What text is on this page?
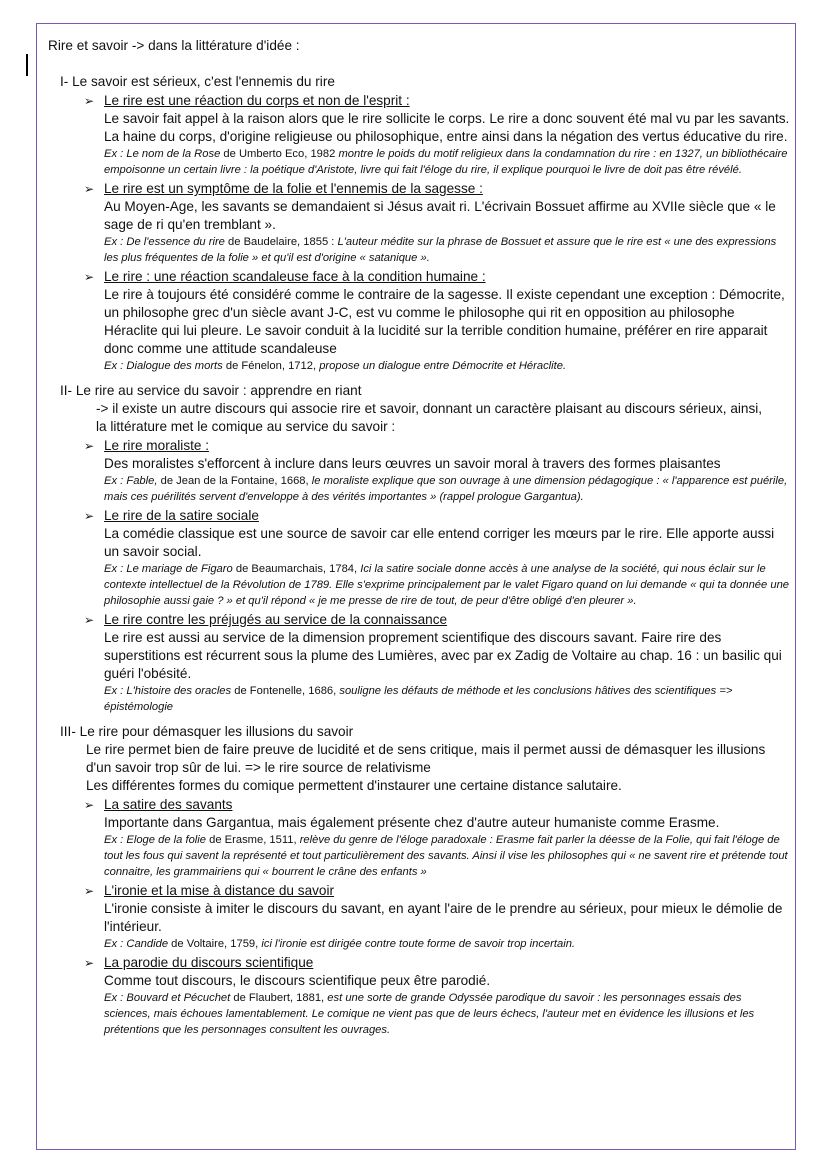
Rire et savoir -> dans la littérature d'idée :
I- Le savoir est sérieux, c'est l'ennemis du rire
➢ Le rire est une réaction du corps et non de l'esprit :
Le savoir fait appel à la raison alors que le rire sollicite le corps. Le rire a donc souvent été mal vu par les savants. La haine du corps, d'origine religieuse ou philosophique, entre ainsi dans la négation des vertus éducative du rire.
Ex : Le nom de la Rose de Umberto Eco, 1982 montre le poids du motif religieux dans la condamnation du rire : en 1327, un bibliothécaire empoisonne un certain livre : la poétique d'Aristote, livre qui fait l'éloge du rire, il explique pourquoi le livre de doit pas être révélé.
➢ Le rire est un symptôme de la folie et l'ennemis de la sagesse :
Au Moyen-Age, les savants se demandaient si Jésus avait ri. L'écrivain Bossuet affirme au XVIIe siècle que « le sage de ri qu'en tremblant ».
Ex : De l'essence du rire de Baudelaire, 1855 : L'auteur médite sur la phrase de Bossuet et assure que le rire est « une des expressions les plus fréquentes de la folie » et qu'il est d'origine « satanique ».
➢ Le rire : une réaction scandaleuse face à la condition humaine :
Le rire à toujours été considéré comme le contraire de la sagesse. Il existe cependant une exception : Démocrite, un philosophe grec d'un siècle avant J-C, est vu comme le philosophe qui rit en opposition au philosophe Héraclite qui lui pleure. Le savoir conduit à la lucidité sur la terrible condition humaine, préférer en rire apparait donc comme une attitude scandaleuse
Ex : Dialogue des morts de Fénelon, 1712, propose un dialogue entre Démocrite et Héraclite.
II- Le rire au service du savoir : apprendre en riant
-> il existe un autre discours qui associe rire et savoir, donnant un caractère plaisant au discours sérieux, ainsi,
la littérature met le comique au service du savoir :
➢ Le rire moraliste :
Des moralistes s'efforcent à inclure dans leurs œuvres un savoir moral à travers des formes plaisantes
Ex : Fable, de Jean de la Fontaine, 1668, le moraliste explique que son ouvrage à une dimension pédagogique : « l'apparence est puérile, mais ces puérilités servent d'enveloppe à des vérités importantes » (rappel prologue Gargantua).
➢ Le rire de la satire sociale
La comédie classique est une source de savoir car elle entend corriger les mœurs par le rire. Elle apporte aussi un savoir social.
Ex : Le mariage de Figaro de Beaumarchais, 1784, Ici la satire sociale donne accès à une analyse de la société, qui nous éclair sur le contexte intellectuel de la Révolution de 1789. Elle s'exprime principalement par le valet Figaro quand on lui demande « qui ta donnée une philosophie aussi gaie ? » et qu'il répond « je me presse de rire de tout, de peur d'être obligé d'en pleurer ».
➢ Le rire contre les préjugés au service de la connaissance
Le rire est aussi au service de la dimension proprement scientifique des discours savant. Faire rire des superstitions est récurrent sous la plume des Lumières, avec par ex Zadig de Voltaire au chap. 16 : un basilic qui guéri l'obésité.
Ex : L'histoire des oracles de Fontenelle, 1686, souligne les défauts de méthode et les conclusions hâtives des scientifiques => épistémologie
III- Le rire pour démasquer les illusions du savoir
Le rire permet bien de faire preuve de lucidité et de sens critique, mais il permet aussi de démasquer les illusions d'un savoir trop sûr de lui. => le rire source de relativisme
Les différentes formes du comique permettent d'instaurer une certaine distance salutaire.
➢ La satire des savants
Importante dans Gargantua, mais également présente chez d'autre auteur humaniste comme Erasme.
Ex : Eloge de la folie de Erasme, 1511, relève du genre de l'éloge paradoxale : Erasme fait parler la déesse de la Folie, qui fait l'éloge de tout les fous qui savent la représenté et tout particulièrement des savants. Ainsi il vise les philosophes qui « ne savent rire et prétende tout connaitre, les grammairiens qui « bourrent le crâne des enfants »
➢ L'ironie et la mise à distance du savoir
L'ironie consiste à imiter le discours du savant, en ayant l'aire de le prendre au sérieux, pour mieux le démolie de l'intérieur.
Ex : Candide de Voltaire, 1759, ici l'ironie est dirigée contre toute forme de savoir trop incertain.
➢ La parodie du discours scientifique
Comme tout discours, le discours scientifique peux être parodié.
Ex : Bouvard et Pécuchet de Flaubert, 1881, est une sorte de grande Odyssée parodique du savoir : les personnages essais des sciences, mais échoues lamentablement. Le comique ne vient pas que de leurs échecs, l'auteur met en évidence les illusions et les prétentions que les personnages consultent les ouvrages.
